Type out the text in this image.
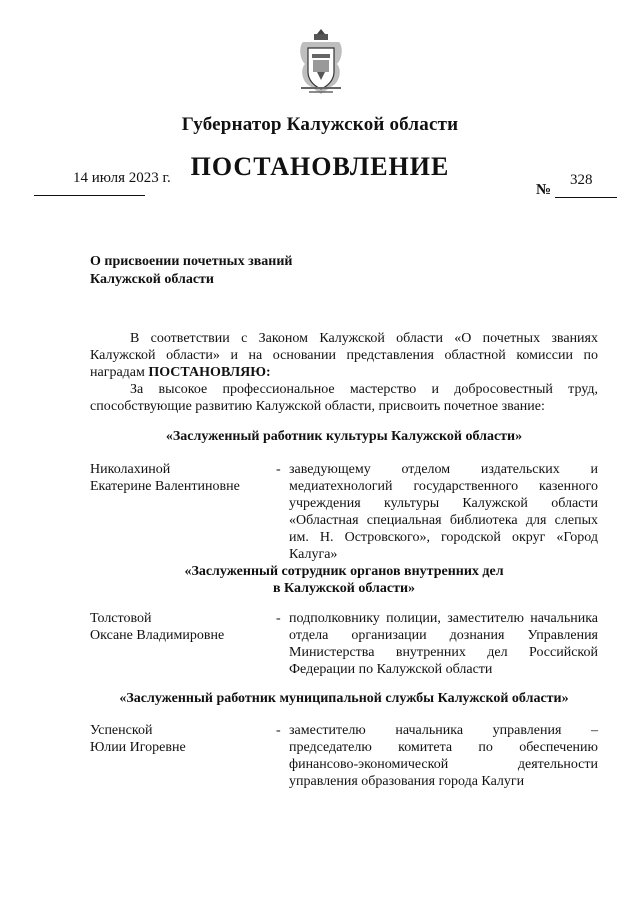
Губернатор Калужской области
ПОСТАНОВЛЕНИЕ
14 июля 2023 г.	328
№
О присвоении почетных званий
Калужской области
В соответствии с Законом Калужской области «О почетных званиях Калужской области» и на основании представления областной комиссии по наградам ПОСТАНОВЛЯЮ:
За высокое профессиональное мастерство и добросовестный труд, способствующие развитию Калужской области, присвоить почетное звание:
«Заслуженный работник культуры Калужской области»
Николахиной
Екатерине Валентиновне
- заведующему отделом издательских и медиатехнологий государственного казенного учреждения культуры Калужской области «Областная специальная библиотека для слепых им. Н. Островского», городской округ «Город Калуга»
«Заслуженный сотрудник органов внутренних дел
в Калужской области»
Толстовой
Оксане Владимировне
- подполковнику полиции, заместителю начальника отдела организации дознания Управления Министерства внутренних дел Российской Федерации по Калужской области
«Заслуженный работник муниципальной службы Калужской области»
Успенской
Юлии Игоревне
- заместителю начальника управления – председателю комитета по обеспечению финансово-экономической деятельности управления образования города Калуги
